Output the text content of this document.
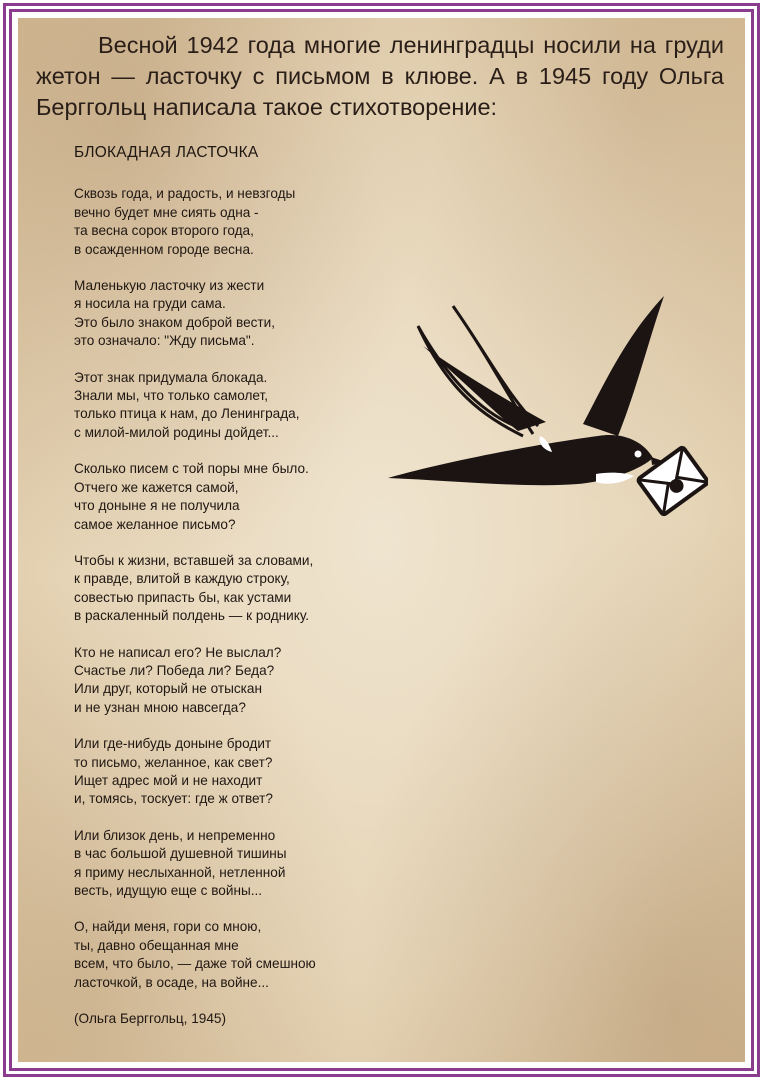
Весной 1942 года многие ленинградцы носили на груди жетон — ласточку с письмом в клюве. А в 1945 году Ольга Берггольц написала такое стихотворение:

БЛОКАДНАЯ ЛАСТОЧКА
Сквозь года, и радость, и невзгоды
вечно будет мне сиять одна -
та весна сорок второго года,
в осажденном городе весна.
Маленькую ласточку из жести
я носила на груди сама.
Это было знаком доброй вести,
это означало: "Жду письма".
Этот знак придумала блокада.
Знали мы, что только самолет,
только птица к нам, до Ленинграда,
с милой-милой родины дойдет...
Сколько писем с той поры мне было.
Отчего же кажется самой,
что доныне я не получила
самое желанное письмо?
Чтобы к жизни, вставшей за словами,
к правде, влитой в каждую строку,
совестью припасть бы, как устами
в раскаленный полдень — к роднику.
Кто не написал его? Не выслал?
Счастье ли? Победа ли? Беда?
Или друг, который не отыскан
и не узнан мною навсегда?
Или где-нибудь доныне бродит
то письмо, желанное, как свет?
Ищет адрес мой и не находит
и, томясь, тоскует: где ж ответ?
Или близок день, и непременно
в час большой душевной тишины
я приму неслыханной, нетленной
весть, идущую еще с войны...
О, найди меня, гори со мною,
ты, давно обещанная мне
всем, что было, — даже той смешною
ласточкой, в осаде, на войне...
(Ольга Берггольц, 1945)
